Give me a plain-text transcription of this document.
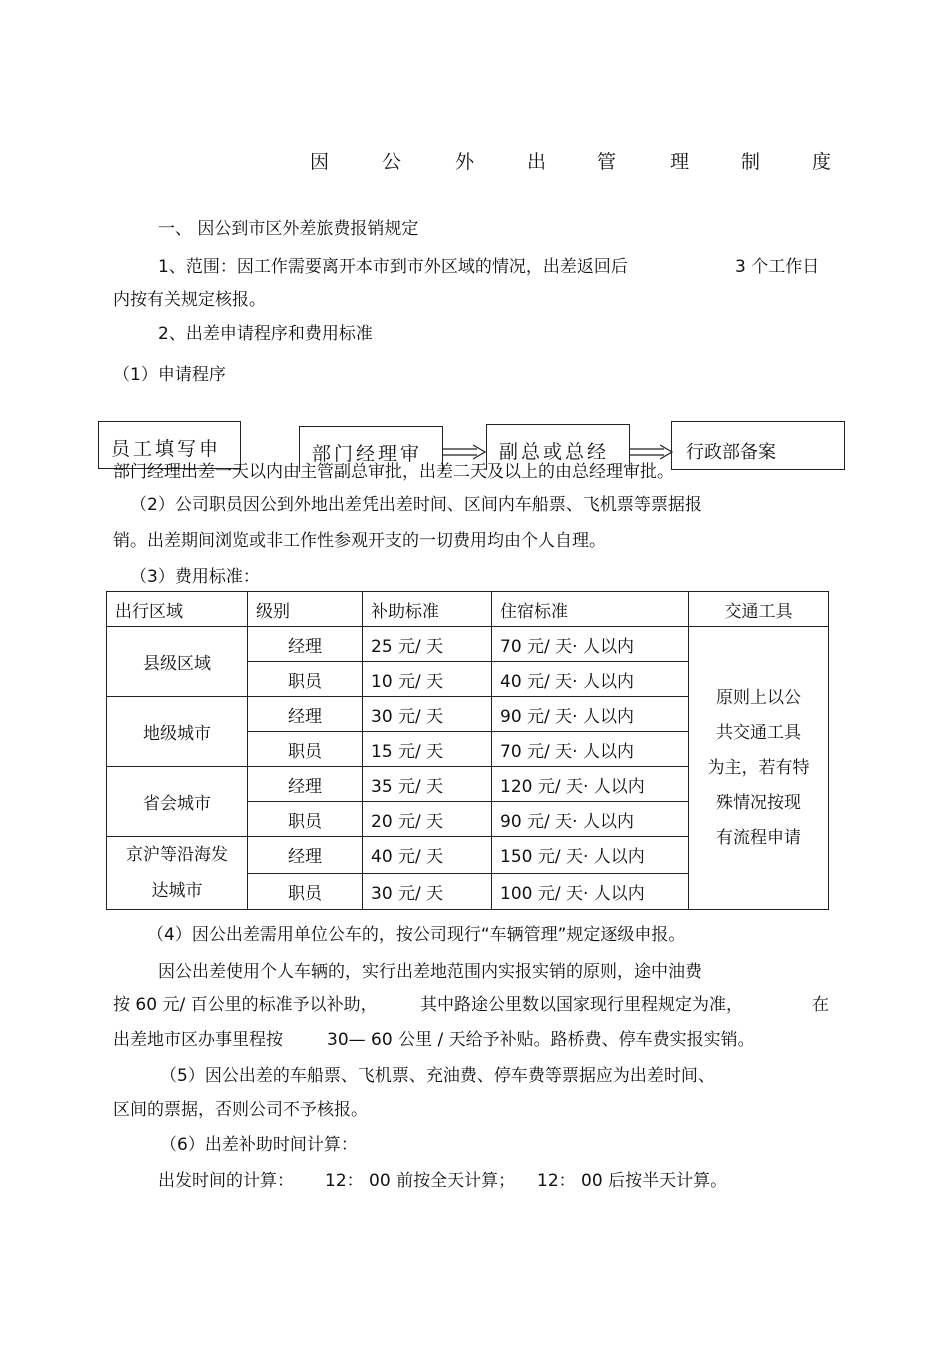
因	公	外	出	管	理	制	度
一、 因公到市区外差旅费报销规定
1、范围：因工作需要离开本市到市外区域的情况，出差返回后	3 个工作日
内按有关规定核报。
2、出差申请程序和费用标准
（1）申请程序
员工填写申	部门经理审	副总或总经	行政部备案
部门经理出差一天以内由主管副总审批，出差二天及以上的由总经理审批。
（2）公司职员因公到外地出差凭出差时间、区间内车船票、飞机票等票据报
销。出差期间浏览或非工作性参观开支的一切费用均由个人自理。
（3）费用标准：
出行区域	级别	补助标准	住宿标准	交通工具
县级区域	经理	25 元/ 天	70 元/ 天· 人以内	原则上以公
共交通工具
为主，若有特
殊情况按现
有流程申请

	职员	10 元/ 天	40 元/ 天· 人以内	
地级城市	经理	30 元/ 天	90 元/ 天· 人以内	
	职员	15 元/ 天	70 元/ 天· 人以内	
省会城市	经理	35 元/ 天	120 元/ 天· 人以内	
	职员	20 元/ 天	90 元/ 天· 人以内	

京沪等沿海发
达城市	经理	40 元/ 天	150 元/ 天· 人以内	
	职员	30 元/ 天	100 元/ 天· 人以内	
（4）因公出差需用单位公车的，按公司现行“车辆管理”规定逐级申报。
因公出差使用个人车辆的，实行出差地范围内实报实销的原则，途中油费
按 60 元/ 百公里的标准予以补助， 其中路途公里数以国家现行里程规定为准，	在
出差地市区办事里程按	30— 60 公里 / 天给予补贴。路桥费、停车费实报实销。
（5）因公出差的车船票、飞机票、充油费、停车费等票据应为出差时间、
区间的票据，否则公司不予核报。
（6）出差补助时间计算：
出发时间的计算： 12： 00 前按全天计算； 12： 00 后按半天计算。
